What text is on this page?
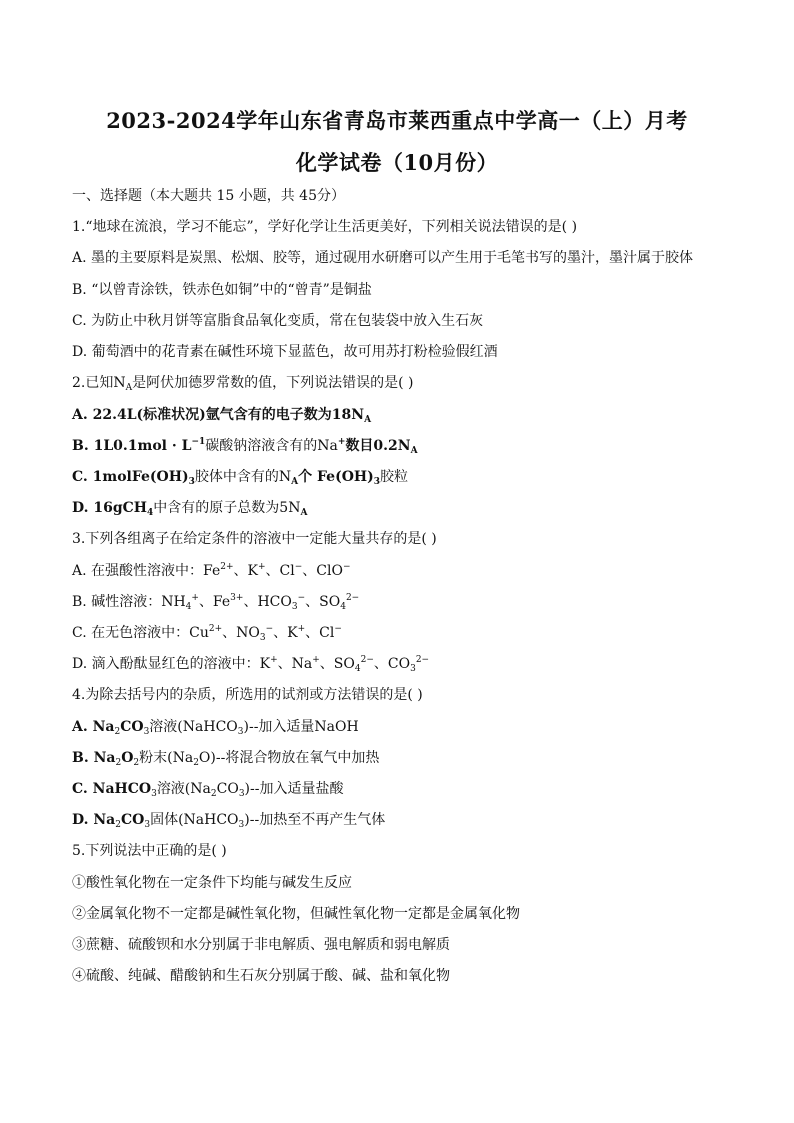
2023-2024学年山东省青岛市莱西重点中学高一（上）月考
化学试卷（10月份）
一、选择题（本大题共 15 小题，共 45分）
1.“地球在流浪，学习不能忘”，学好化学让生活更美好，下列相关说法错误的是( )
A. 墨的主要原料是炭黑、松烟、胶等，通过砚用水研磨可以产生用于毛笔书写的墨汁，墨汁属于胶体
B. “以曾青涂铁，铁赤色如铜”中的“曾青”是铜盐
C. 为防止中秋月饼等富脂食品氧化变质，常在包装袋中放入生石灰
D. 葡萄酒中的花青素在碱性环境下显蓝色，故可用苏打粉检验假红酒
2.已知$N_A$是阿伏加德罗常数的值，下列说法错误的是( )
A. 22.4L(标准状况)氩气含有的电子数为$18N_A$
B. $1L0.1mol \cdot L^{-1}$碳酸钠溶液含有的Na+数目$0.2N_A$
C. $1molFe(OH)_3$胶体中含有的$N_A$个 $Fe(OH)_3$胶粒
D. 16gCH$_4$中含有的原子总数为$5N_A$
3.下列各组离子在给定条件的溶液中一定能大量共存的是( )
A. 在强酸性溶液中：$Fe^{2+}$、K+、Cl−、ClO−
B. 碱性溶液：$NH_4^+$、$Fe^{3+}$、$HCO_3^-$、$SO_4^{2-}$
C. 在无色溶液中：$Cu^{2+}$、$NO_3^-$、K+、Cl−
D. 滴入酚酞显红色的溶液中：K+、Na+、$SO_4^{2-}$、$CO_3^{2-}$
4.为除去括号内的杂质，所选用的试剂或方法错误的是( )
A. $Na_2CO_3$溶液(NaHCO$_3$)--加入适量NaOH
B. $Na_2O_2$粉末$(Na_2O)--$将混合物放在氧气中加热
C. NaHCO$_3$溶液$(Na_2CO_3)--$加入适量盐酸
D. $Na_2CO_3$固体(NaHCO$_3$)--加热至不再产生气体
5.下列说法中正确的是( )
①酸性氧化物在一定条件下均能与碱发生反应
②金属氧化物不一定都是碱性氧化物，但碱性氧化物一定都是金属氧化物
③蔗糖、硫酸钡和水分别属于非电解质、强电解质和弱电解质
④硫酸、纯碱、醋酸钠和生石灰分别属于酸、碱、盐和氧化物
